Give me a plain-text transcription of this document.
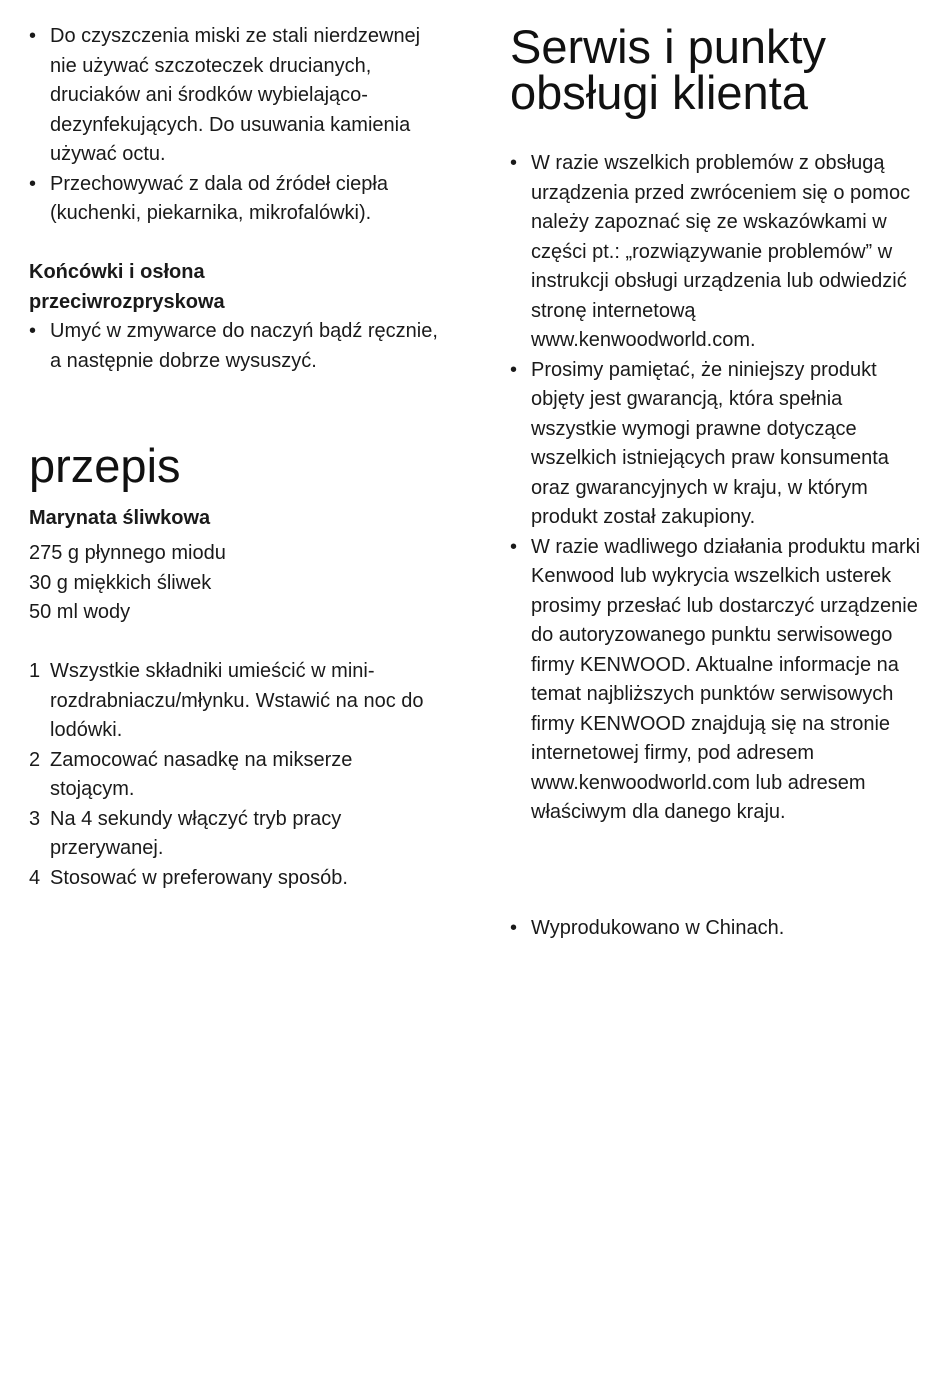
• Do czyszczenia miski ze stali nierdzewnej nie używać szczoteczek drucianych, druciaków ani środków wybielająco-dezynfekujących. Do usuwania kamienia używać octu.
• Przechowywać z dala od źródeł ciepła (kuchenki, piekarnika, mikrofalówki).
Końcówki i osłona
przeciwrozpryskowa
• Umyć w zmywarce do naczyń bądź ręcznie, a następnie dobrze wysuszyć.
przepis
Marynata śliwkowa
275 g płynnego miodu
30 g miękkich śliwek
50 ml wody
1 Wszystkie składniki umieścić w mini-rozdrabniaczu/młynku. Wstawić na noc do lodówki.
2 Zamocować nasadkę na mikserze stojącym.
3 Na 4 sekundy włączyć tryb pracy przerywanej.
4 Stosować w preferowany sposób.
Serwis i punkty
obsługi klienta
• W razie wszelkich problemów z obsługą urządzenia przed zwróceniem się o pomoc należy zapoznać się ze wskazówkami w części pt.: „rozwiązywanie problemów” w instrukcji obsługi urządzenia lub odwiedzić stronę internetową www.kenwoodworld.com.
• Prosimy pamiętać, że niniejszy produkt objęty jest gwarancją, która spełnia wszystkie wymogi prawne dotyczące wszelkich istniejących praw konsumenta oraz gwarancyjnych w kraju, w którym produkt został zakupiony.
• W razie wadliwego działania produktu marki Kenwood lub wykrycia wszelkich usterek prosimy przesłać lub dostarczyć urządzenie do autoryzowanego punktu serwisowego firmy KENWOOD. Aktualne informacje na temat najbliższych punktów serwisowych firmy KENWOOD znajdują się na stronie internetowej firmy, pod adresem www.kenwoodworld.com lub adresem właściwym dla danego kraju.
• Wyprodukowano w Chinach.
